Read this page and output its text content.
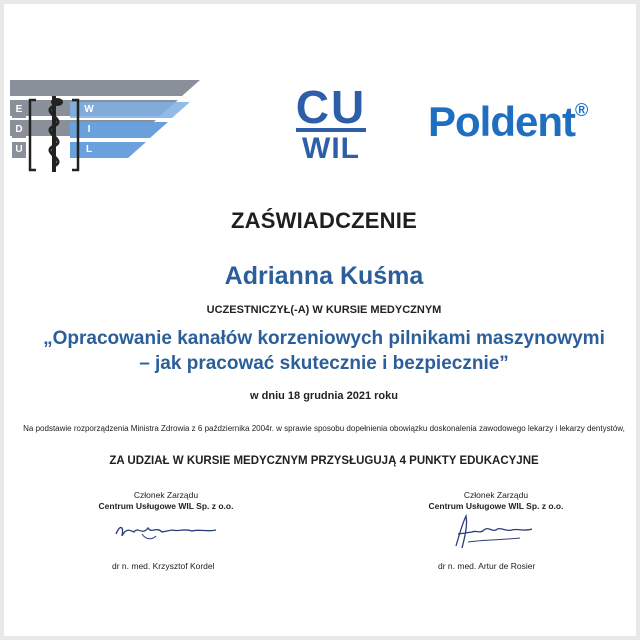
E
D
U
W
I
L
CU
WIL
Poldent®
ZAŚWIADCZENIE
Adrianna Kuśma
UCZESTNICZYŁ(-A) W KURSIE MEDYCZNYM
„Opracowanie kanałów korzeniowych pilnikami maszynowymi
– jak pracować skutecznie i bezpiecznie”
w dniu 18 grudnia 2021 roku
Na podstawie rozporządzenia Ministra Zdrowia z 6 października 2004r. w sprawie sposobu dopełnienia obowiązku doskonalenia zawodowego lekarzy i lekarzy dentystów,
ZA UDZIAŁ W KURSIE MEDYCZNYM PRZYSŁUGUJĄ 4 PUNKTY EDUKACYJNE
Członek Zarządu
Centrum Usługowe WIL Sp. z o.o.
dr n. med. Krzysztof Kordel
Członek Zarządu
Centrum Usługowe WIL Sp. z o.o.
dr n. med. Artur de Rosier
